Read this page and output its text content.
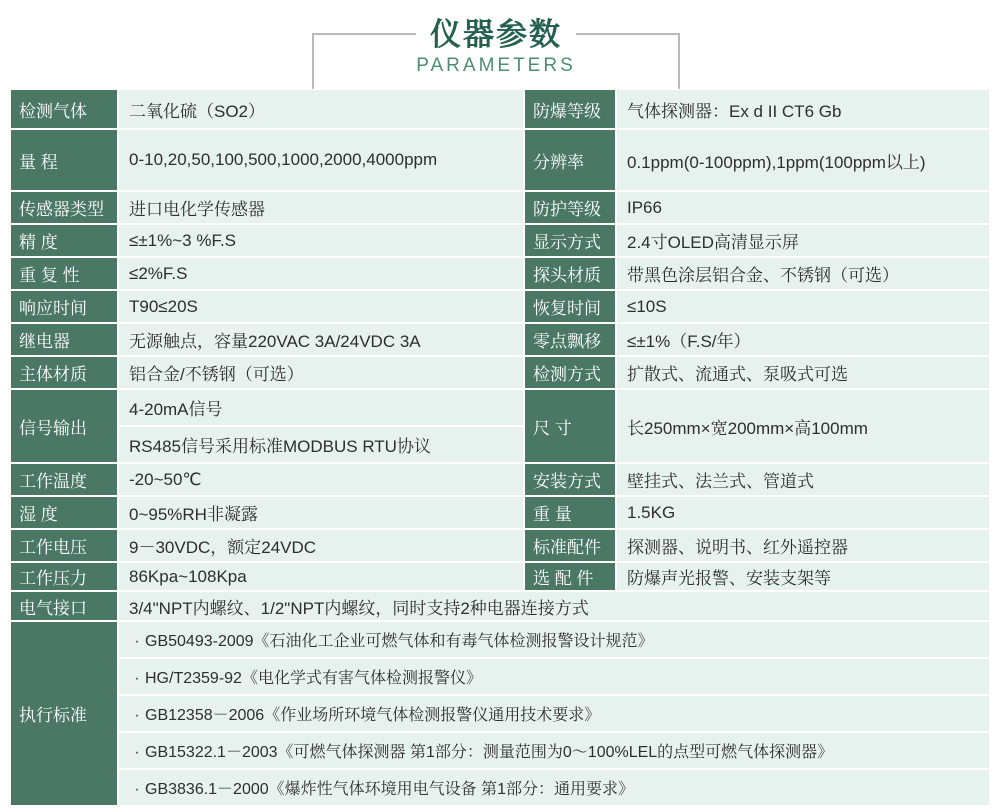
仪器参数
PARAMETERS
检测气体	二氧化硫（SO2）	防爆等级	气体探测器：Ex d II CT6 Gb
量 程	0-10,20,50,100,500,1000,2000,4000ppm	分辨率	0.1ppm(0-100ppm),1ppm(100ppm以上)
传感器类型	进口电化学传感器	防护等级	IP66
精 度	≤±1%~3 %F.S	显示方式	2.4寸OLED高清显示屏
重 复 性	≤2%F.S	探头材质	带黑色涂层铝合金、不锈钢（可选）
响应时间	T90≤20S	恢复时间	≤10S
继电器	无源触点，容量220VAC 3A/24VDC 3A	零点飘移	≤±1%（F.S/年）
主体材质	铝合金/不锈钢（可选）	检测方式	扩散式、流通式、泵吸式可选
信号输出	4-20mA信号	尺 寸	长250mm×宽200mm×高100mm
	RS485信号采用标准MODBUS RTU协议		
工作温度	-20~50℃	安装方式	壁挂式、法兰式、管道式
湿 度	0~95%RH非凝露	重 量	1.5KG
工作电压	9－30VDC，额定24VDC	标准配件	探测器、说明书、红外遥控器
工作压力	86Kpa~108Kpa	选 配 件	防爆声光报警、安装支架等
电气接口	3/4"NPT内螺纹、1/2"NPT内螺纹，同时支持2种电器连接方式		
执行标准	· GB50493-2009《石油化工企业可燃气体和有毒气体检测报警设计规范》		
	· HG/T2359-92《电化学式有害气体检测报警仪》		
	· GB12358－2006《作业场所环境气体检测报警仪通用技术要求》		
	· GB15322.1－2003《可燃气体探测器 第1部分：测量范围为0～100%LEL的点型可燃气体探测器》		
	· GB3836.1－2000《爆炸性气体环境用电气设备 第1部分：通用要求》		
